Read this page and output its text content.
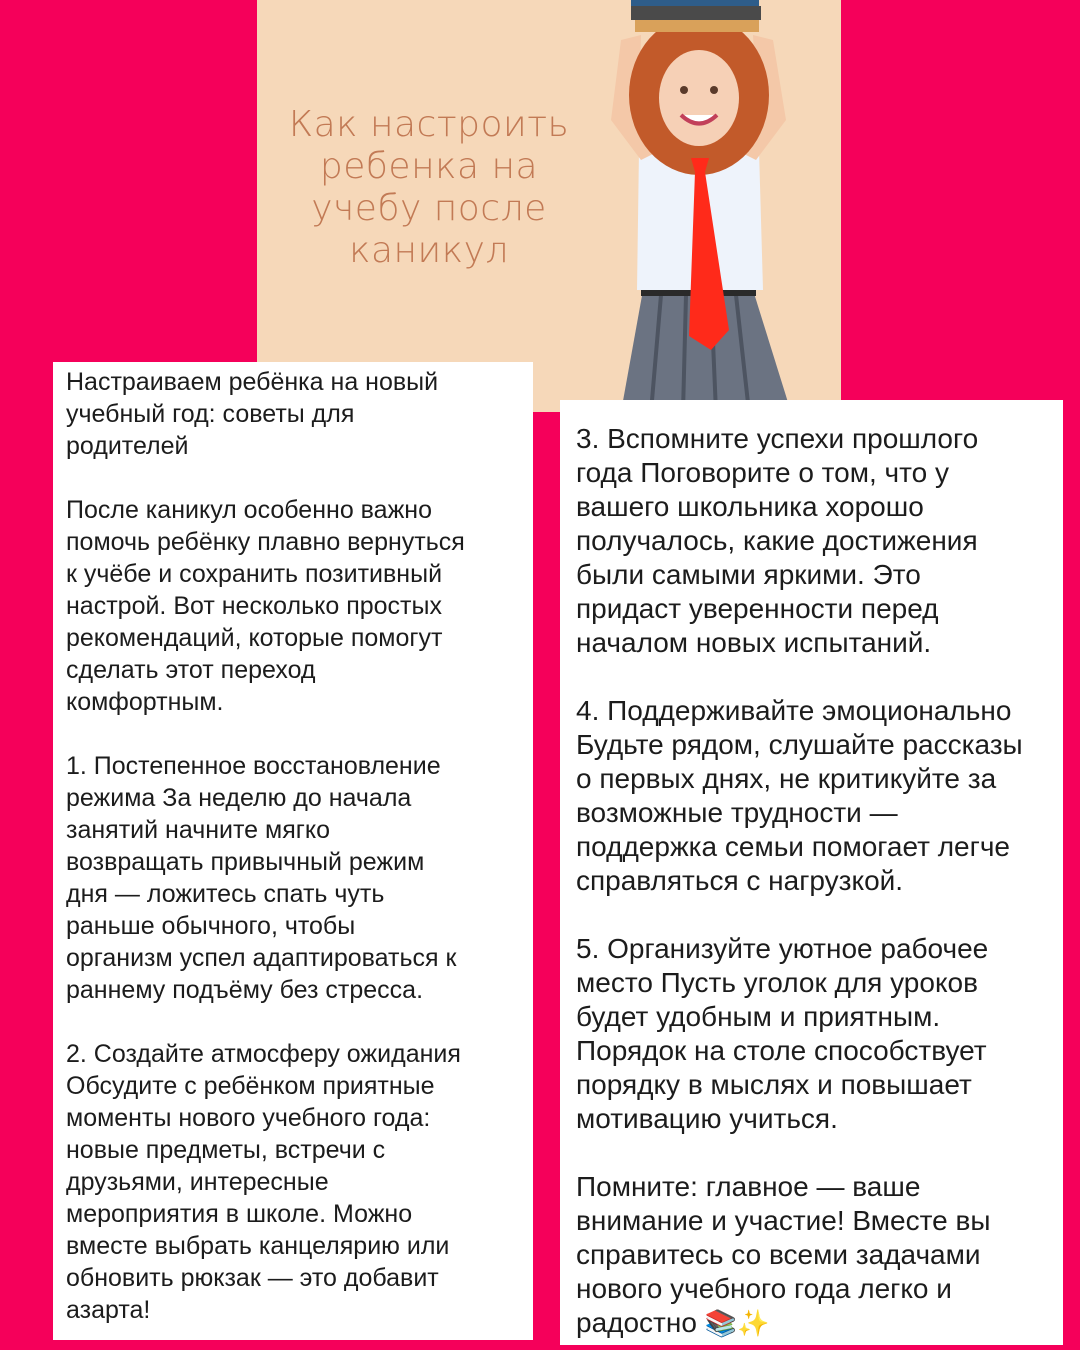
Как настроить
ребенка на
учебу после
каникул

Настраиваем ребёнка на новый
учебный год: советы для
родителей

После каникул особенно важно
помочь ребёнку плавно вернуться
к учёбе и сохранить позитивный
настрой. Вот несколько простых
рекомендаций, которые помогут
сделать этот переход
комфортным.

1. Постепенное восстановление
режима За неделю до начала
занятий начните мягко
возвращать привычный режим
дня — ложитесь спать чуть
раньше обычного, чтобы
организм успел адаптироваться к
раннему подъёму без стресса.

2. Создайте атмосферу ожидания
Обсудите с ребёнком приятные
моменты нового учебного года:
новые предметы, встречи с
друзьями, интересные
мероприятия в школе. Можно
вместе выбрать канцелярию или
обновить рюкзак — это добавит
азарта!

3. Вспомните успехи прошлого
года Поговорите о том, что у
вашего школьника хорошо
получалось, какие достижения
были самыми яркими. Это
придаст уверенности перед
началом новых испытаний.

4. Поддерживайте эмоционально
Будьте рядом, слушайте рассказы
о первых днях, не критикуйте за
возможные трудности —
поддержка семьи помогает легче
справляться с нагрузкой.

5. Организуйте уютное рабочее
место Пусть уголок для уроков
будет удобным и приятным.
Порядок на столе способствует
порядку в мыслях и повышает
мотивацию учиться.

Помните: главное — ваше
внимание и участие! Вместе вы
справитесь со всеми задачами
нового учебного года легко и
радостно 📚✨
